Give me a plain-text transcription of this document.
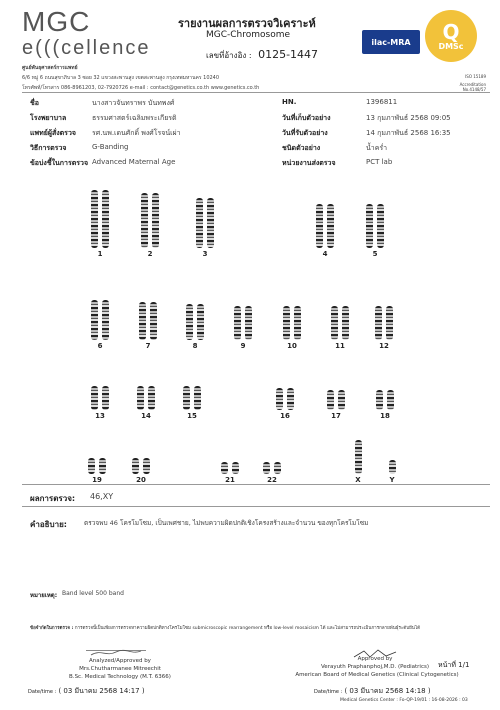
MGC
e(((cellence
ศูนย์พันธุศาสตร์การแพทย์
6/6 หมู่ 6 ถนนสุขาภิบาล 3 ซอย 32 แขวงสะพานสูง เขตสะพานสูง กรุงเทพมหานคร 10240
โทรศัพท์/โทรสาร 086-8961203, 02-7920726 e-mail : contact@genetics.co.th www.genetics.co.th
รายงานผลการตรวจวิเคราะห์
MGC-Chromosome
เลขที่อ้างอิง : 0125-1447
ilac-MRA Q
DMSc
ISO 15189
Accreditation No.4148/57
ชื่อ	นางสาวจันทราพร บันทพงศ์	HN.	1396811
โรงพยาบาล	ธรรมศาสตร์เฉลิมพระเกียรติ	วันที่เก็บตัวอย่าง	13 กุมภาพันธ์ 2568 09:05
แพทย์ผู้สั่งตรวจ รศ.นพ.เดนศักดิ์ พงศ์โรจน์เผ่า	วันที่รับตัวอย่าง	14 กุมภาพันธ์ 2568 16:35
วิธีการตรวจ	G-Banding	ชนิดตัวอย่าง	น้ำคร่ำ
ข้อบ่งชี้ในการตรวจ Advanced Maternal Age	หน่วยงานส่งตรวจ	PCT lab
1	2	3	4	5
6	7	8	9	10	11	12
13	14	15	16	17	18
19	20	21	22	X	Y
ผลการตรวจ: 46,XY
คำอธิบาย:	ตรวจพบ 46 โครโมโซม, เป็นเพศชาย, ไม่พบความผิดปกติเชิงโครงสร้างและจำนวน ของทุกโครโมโซม
หมายเหตุ: Band level 500 band
ข้อจำกัดในการตรวจ : การตรวจนี้เป็นเพียงการตรวจหาความผิดปกติทางโครโมโซม submicroscopic rearrangement หรือ low-level mosaicism ได้ และไม่สามารถประเมินการกลายพันธุ์ระดับยีนได้
Analyzed/Approved by
Mrs.Chutharmanee Mitreechit
B.Sc. Medical Technology (M.T. 6366)
Date/time : ( 03 มีนาคม 2568 14:17 )
Approved by
Verayuth Praphanphoj,M.D. (Pediatrics)
American Board of Medical Genetics (Clinical Cytogenetics)
หน้าที่ 1/1
Date/time : ( 03 มีนาคม 2568 14:18 )
Medical Genetics Center : Fo-QP-19/01 : 16-08-2026 : 03
